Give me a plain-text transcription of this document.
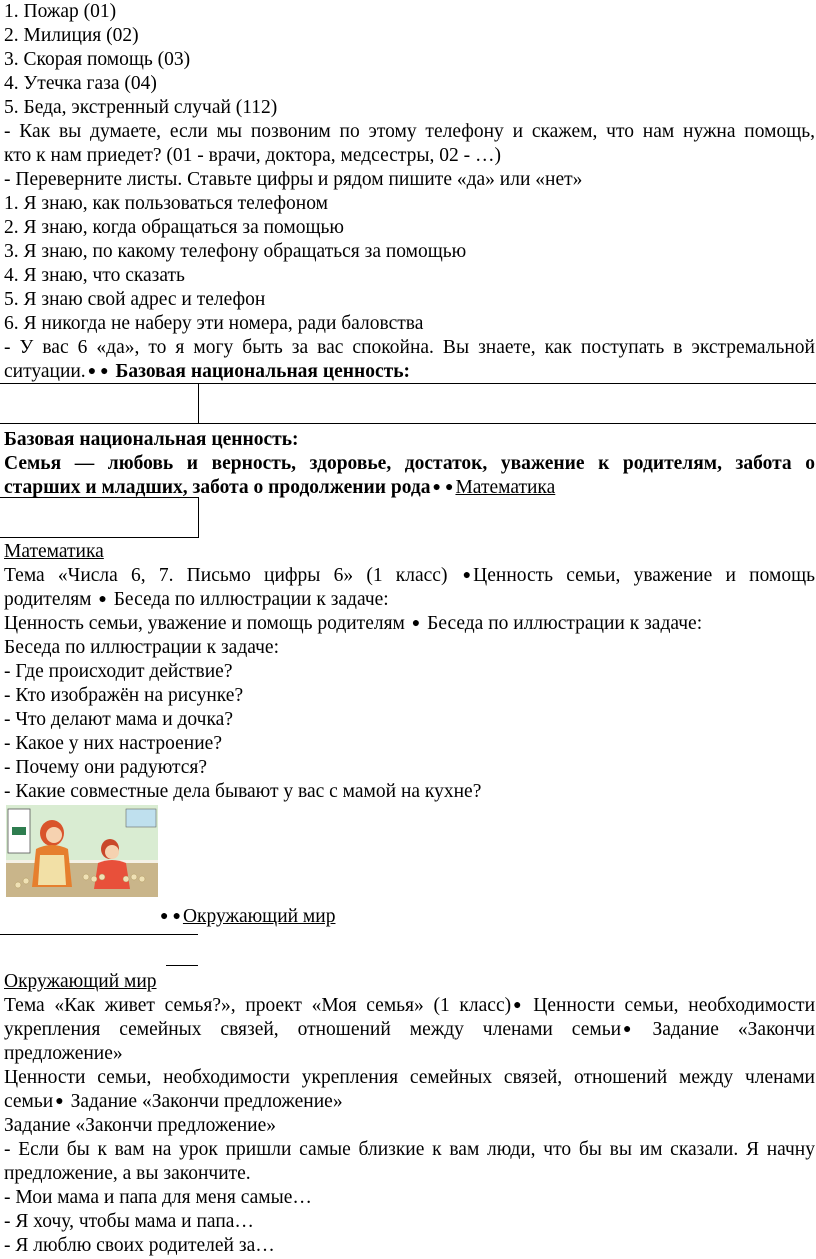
1. Пожар (01)
2. Милиция (02)
3. Скорая помощь (03)
4. Утечка газа (04)
5. Беда, экстренный случай (112)
- Как вы думаете, если мы позвоним по этому телефону и скажем, что нам нужна помощь,
кто к нам приедет? (01 - врачи, доктора, медсестры, 02 - …)
- Переверните листы. Ставьте цифры и рядом пишите «да» или «нет»
1. Я знаю, как пользоваться телефоном
2. Я знаю, когда обращаться за помощью
3. Я знаю, по какому телефону обращаться за помощью
4. Я знаю, что сказать
5. Я знаю свой адрес и телефон
6. Я никогда не наберу эти номера, ради баловства
- У вас 6 «да», то я могу быть за вас спокойна. Вы знаете, как поступать в экстремальной
ситуации. ● ● Базовая национальная ценность:
Базовая национальная ценность:
Семья — любовь и верность, здоровье, достаток, уважение к родителям, забота о
старших и младших, забота о продолжении рода ● ● Математика
Математика
Тема «Числа 6, 7. Письмо цифры 6» (1 класс) ● Ценность семьи, уважение и помощь
родителям ● Беседа по иллюстрации к задаче:
Ценность семьи, уважение и помощь родителям ● Беседа по иллюстрации к задаче:
Беседа по иллюстрации к задаче:
- Где происходит действие?
- Кто изображён на рисунке?
- Что делают мама и дочка?
- Какое у них настроение?
- Почему они радуются?
- Какие совместные дела бывают у вас с мамой на кухне?
● ● Окружающий мир
Окружающий мир
Тема «Как живет семья?», проект «Моя семья» (1 класс) ● Ценности семьи, необходимости
укрепления семейных связей, отношений между членами семьи ● Задание «Закончи
предложение»
Ценности семьи, необходимости укрепления семейных связей, отношений между членами
семьи ● Задание «Закончи предложение»
Задание «Закончи предложение»
- Если бы к вам на урок пришли самые близкие к вам люди, что бы вы им сказали. Я начну
предложение, а вы закончите.
- Мои мама и папа для меня самые…
- Я хочу, чтобы мама и папа…
- Я люблю своих родителей за…
